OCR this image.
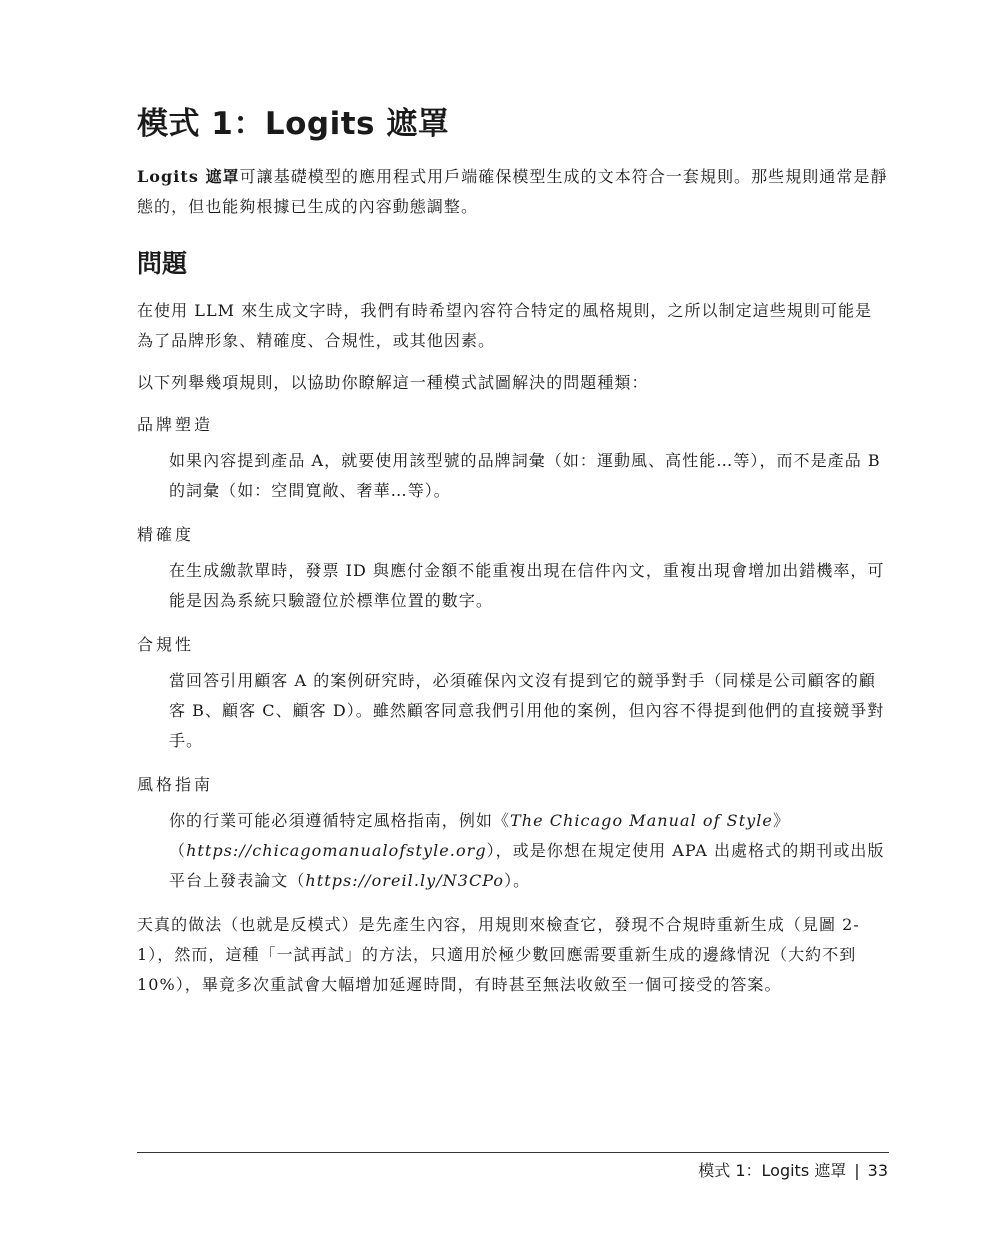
模式 1：Logits 遮罩

Logits 遮罩可讓基礎模型的應用程式用戶端確保模型生成的文本符合一套規則。那些規則通常是靜態的，但也能夠根據已生成的內容動態調整。

問題

在使用 LLM 來生成文字時，我們有時希望內容符合特定的風格規則，之所以制定這些規則可能是為了品牌形象、精確度、合規性，或其他因素。

以下列舉幾項規則，以協助你瞭解這一種模式試圖解決的問題種類：

品牌塑造
如果內容提到產品 A，就要使用該型號的品牌詞彙（如：運動風、高性能…等），而不是產品 B 的詞彙（如：空間寬敞、奢華…等）。
精確度
在生成繳款單時，發票 ID 與應付金額不能重複出現在信件內文，重複出現會增加出錯機率，可能是因為系統只驗證位於標準位置的數字。
合規性
當回答引用顧客 A 的案例研究時，必須確保內文沒有提到它的競爭對手（同樣是公司顧客的顧客 B、顧客 C、顧客 D）。雖然顧客同意我們引用他的案例，但內容不得提到他們的直接競爭對手。
風格指南
你的行業可能必須遵循特定風格指南，例如《The Chicago Manual of Style》（https://chicagomanualofstyle.org），或是你想在規定使用 APA 出處格式的期刊或出版平台上發表論文（https://oreil.ly/N3CPo）。

天真的做法（也就是反模式）是先產生內容，用規則來檢查它，發現不合規時重新生成（見圖 2-1），然而，這種「一試再試」的方法，只適用於極少數回應需要重新生成的邊緣情況（大約不到 10%），畢竟多次重試會大幅增加延遲時間，有時甚至無法收斂至一個可接受的答案。

模式 1：Logits 遮罩 | 33
